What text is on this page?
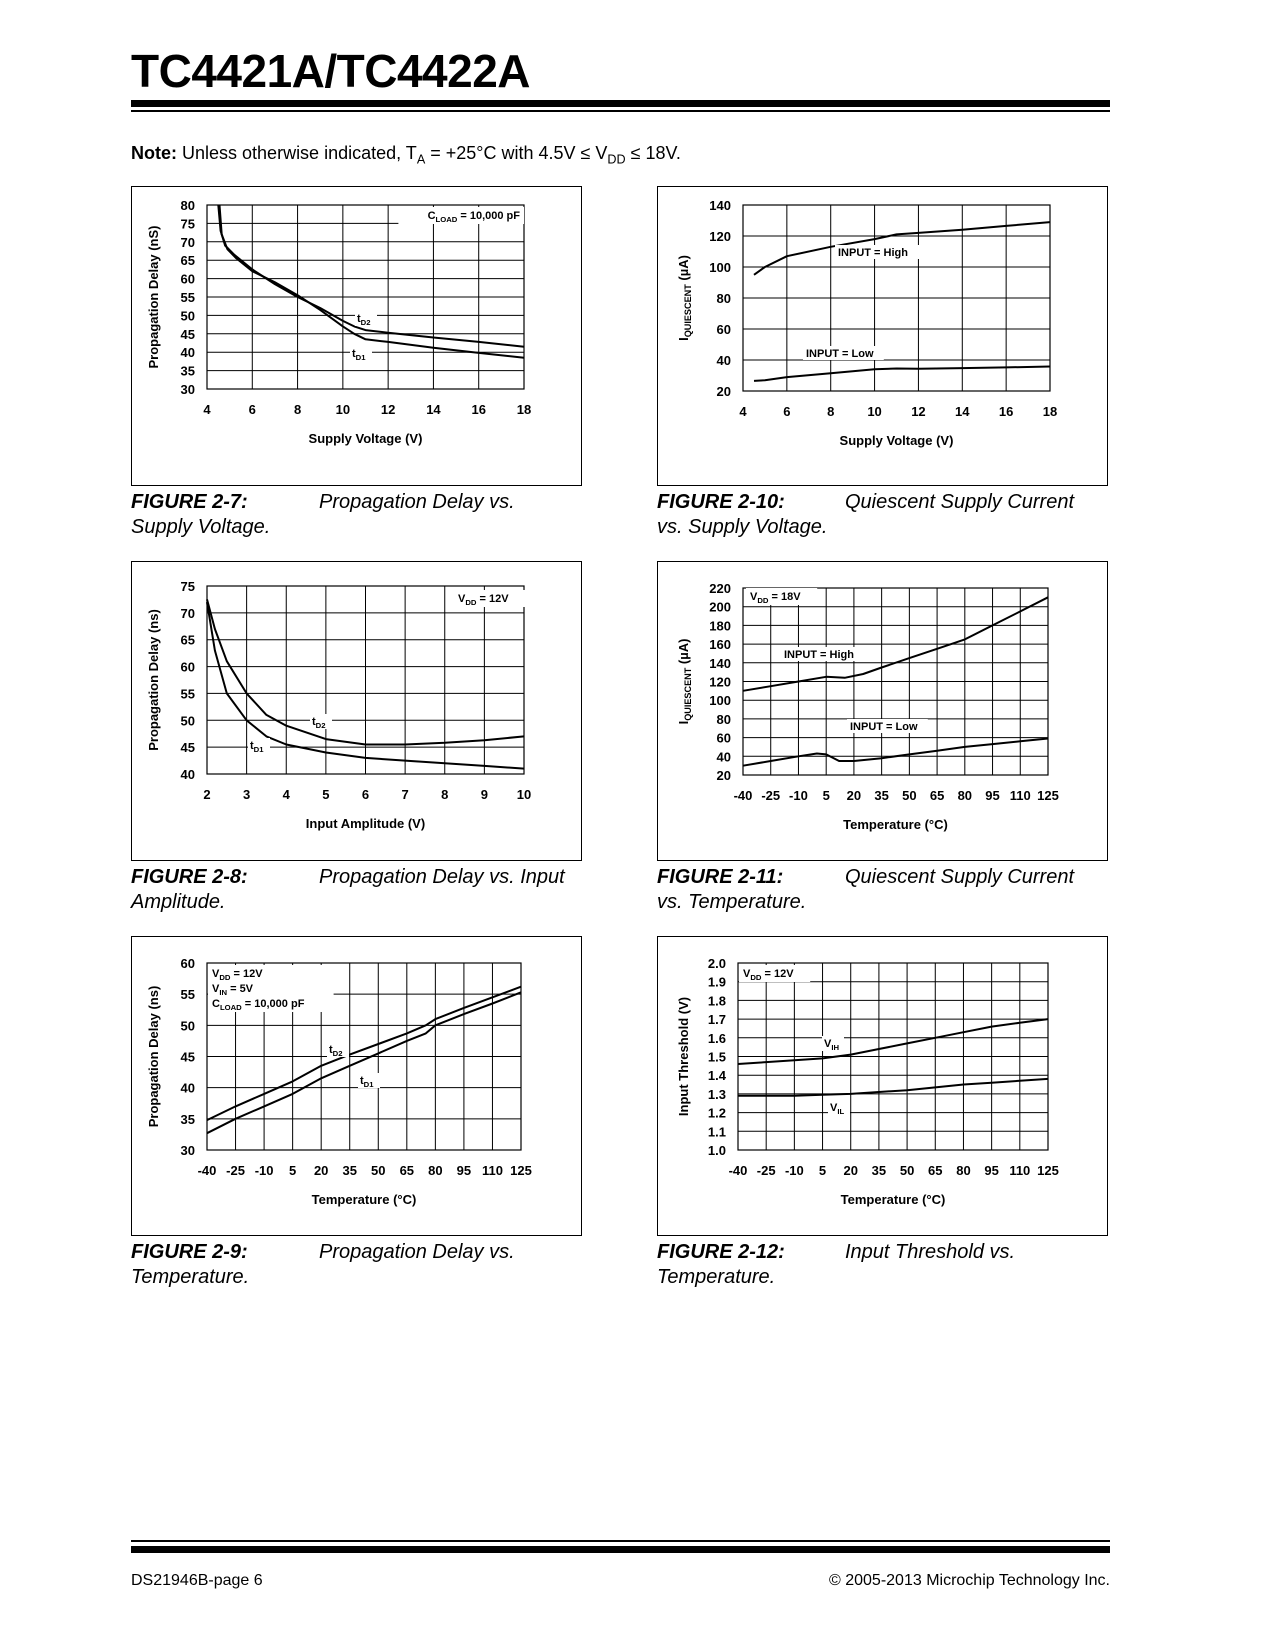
TC4421A/TC4422A
Note: Unless otherwise indicated, $T_A = +25^\circ C$ with $4.5V \le V_{DD} \le 18V$.
4	6	8	10 12 14 16 18
30
35
40
45
50
55
60
65
70
75
80
$t_{D2}$
$t_{D1}$
$C_{LOAD} = 10,000$ pF
Supply Voltage (V)
Propagation Delay (nS)
4	6	8	10 12 14 16 18
20
40
60
80
100
120
140
INPUT = High
INPUT = Low
Supply Voltage (V)
$I_{QUIESCENT}$ (µA)
2 3 4 5 6 7 8 9 10
40
45
50
55
60
65
70
75
$t_{D2}$
$t_{D1}$
$V_{DD} = 12V$
Input Amplitude (V)
Propagation Delay (ns)
-40 -25 -10 5 20 35 50 65 80 95 110 125
20
40
60
80
100
120
140
160
180
200
220
INPUT = High
INPUT = Low
$V_{DD} = 18V$
Temperature (°C)
$I_{QUIESCENT}$ (µA)
-40 -25 -10 5 20 35 50 65 80 95 110 125
30
35
40
45
50
55
60
$t_{D2}$
$t_{D1}$
$V_{DD} = 12V$
$V_{IN} = 5V$
$C_{LOAD} = 10,000$ pF
Temperature (°C)
Propagation Delay (ns)
-40 -25 -10 5 20 35 50 65 80 95 110 125
1.0
1.1
1.2
1.3
1.4
1.5
1.6
1.7
1.8
1.9
2.0
$V_{IH}$
$V_{IL}$
$V_{DD} = 12V$
Temperature (°C)
Input Threshold (V)
FIGURE 2-7:	Propagation Delay vs.
Supply Voltage.
FIGURE 2-10:	Quiescent Supply Current
vs. Supply Voltage.
FIGURE 2-8:	Propagation Delay vs. Input
Amplitude.
FIGURE 2-11:	Quiescent Supply Current
vs. Temperature.
FIGURE 2-9:	Propagation Delay vs.
Temperature.
FIGURE 2-12:	Input Threshold vs.
Temperature.
DS21946B-page 6	© 2005-2013 Microchip Technology Inc.
